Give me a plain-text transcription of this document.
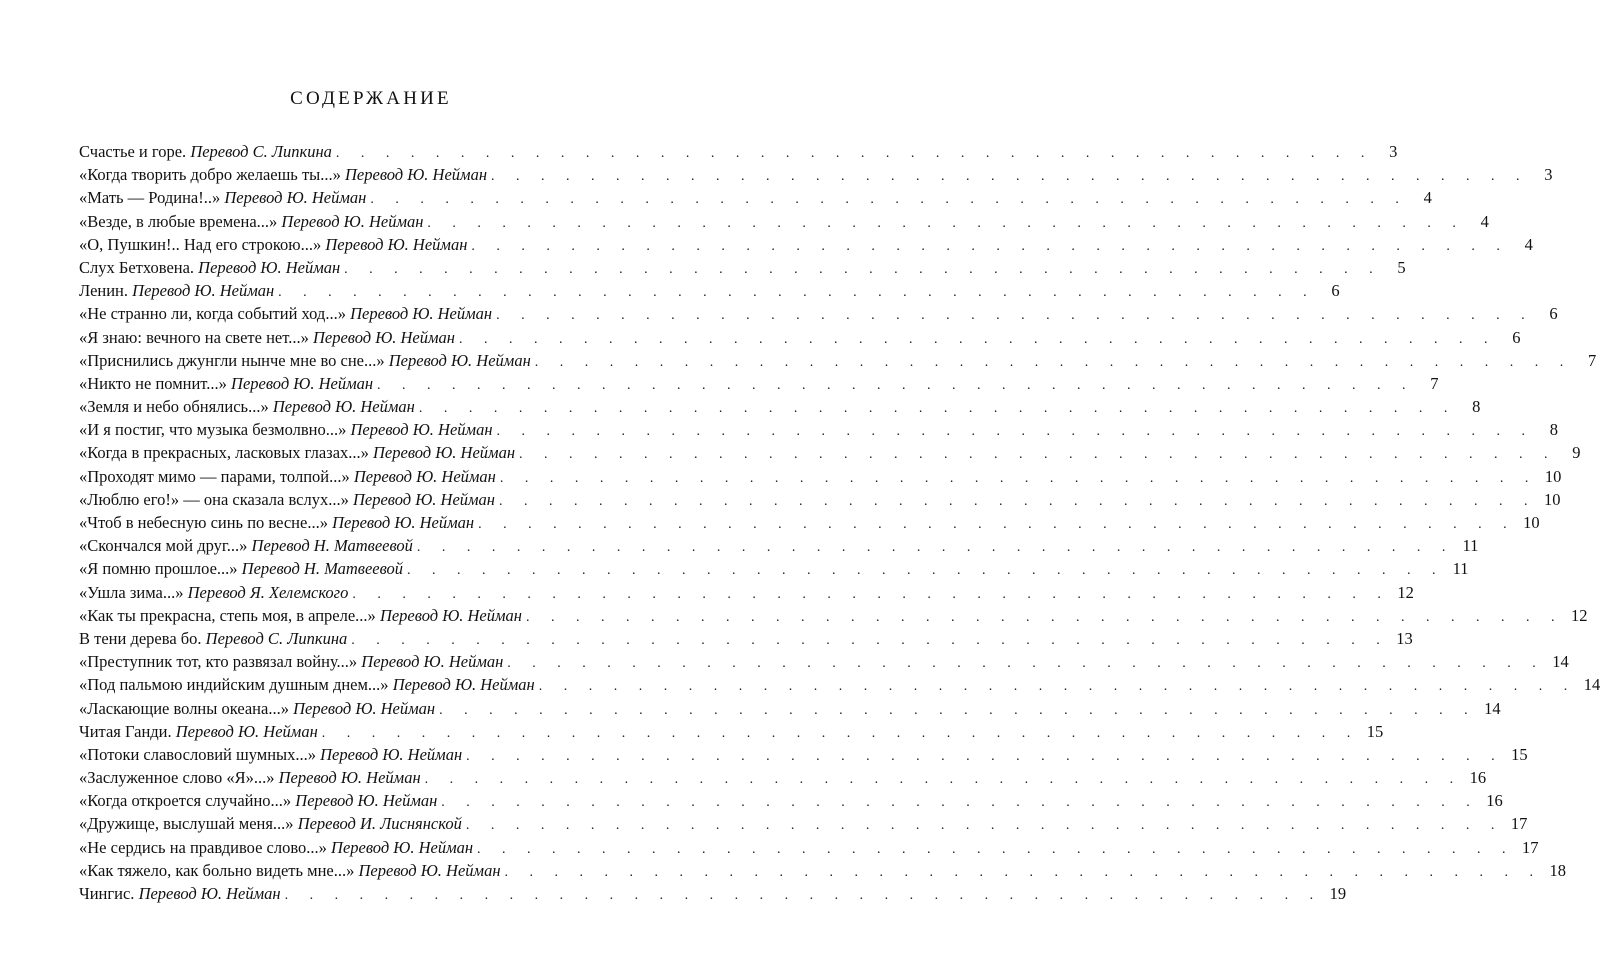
СОДЕРЖАНИЕ
Счастье и горе. Перевод С. Липкина . . . . . . . . . . . . . . . . . . . . . . . . . . . . . . . . . . . . . . . . . . 3
«Когда творить добро желаешь ты...» Перевод Ю. Нейман . . . . . . . . . . . . . . . . . . . . . . . . . . . . . . . . . . . . . . . . . . 3
«Мать — Родина!..» Перевод Ю. Нейман . . . . . . . . . . . . . . . . . . . . . . . . . . . . . . . . . . . . . . . . . . 4
«Везде, в любые времена...» Перевод Ю. Нейман . . . . . . . . . . . . . . . . . . . . . . . . . . . . . . . . . . . . . . . . . . 4
«О, Пушкин!.. Над его строкою...» Перевод Ю. Нейман . . . . . . . . . . . . . . . . . . . . . . . . . . . . . . . . . . . . . . . . . . 4
Слух Бетховена. Перевод Ю. Нейман . . . . . . . . . . . . . . . . . . . . . . . . . . . . . . . . . . . . . . . . . . 5
Ленин. Перевод Ю. Нейман . . . . . . . . . . . . . . . . . . . . . . . . . . . . . . . . . . . . . . . . . . 6
«Не странно ли, когда событий ход...» Перевод Ю. Нейман . . . . . . . . . . . . . . . . . . . . . . . . . . . . . . . . . . . . . . . . . . 6
«Я знаю: вечного на свете нет...» Перевод Ю. Нейман . . . . . . . . . . . . . . . . . . . . . . . . . . . . . . . . . . . . . . . . . . 6
«Приснились джунгли нынче мне во сне...» Перевод Ю. Нейман . . . . . . . . . . . . . . . . . . . . . . . . . . . . . . . . . . . . . . . . . . 7
«Никто не помнит...» Перевод Ю. Нейман . . . . . . . . . . . . . . . . . . . . . . . . . . . . . . . . . . . . . . . . . . 7
«Земля и небо обнялись...» Перевод Ю. Нейман . . . . . . . . . . . . . . . . . . . . . . . . . . . . . . . . . . . . . . . . . . 8
«И я постиг, что музыка безмолвно...» Перевод Ю. Нейман . . . . . . . . . . . . . . . . . . . . . . . . . . . . . . . . . . . . . . . . . . 8
«Когда в прекрасных, ласковых глазах...» Перевод Ю. Нейман . . . . . . . . . . . . . . . . . . . . . . . . . . . . . . . . . . . . . . . . . . 9
«Проходят мимо — парами, толпой...» Перевод Ю. Нейман . . . . . . . . . . . . . . . . . . . . . . . . . . . . . . . . . . . . . . . . . . 10
«Люблю его!» — она сказала вслух...» Перевод Ю. Нейман . . . . . . . . . . . . . . . . . . . . . . . . . . . . . . . . . . . . . . . . . . 10
«Чтоб в небесную синь по весне...» Перевод Ю. Нейман . . . . . . . . . . . . . . . . . . . . . . . . . . . . . . . . . . . . . . . . . . 10
«Скончался мой друг...» Перевод Н. Матвеевой . . . . . . . . . . . . . . . . . . . . . . . . . . . . . . . . . . . . . . . . . . 11
«Я помню прошлое...» Перевод Н. Матвеевой . . . . . . . . . . . . . . . . . . . . . . . . . . . . . . . . . . . . . . . . . . 11
«Ушла зима...» Перевод Я. Хелемского . . . . . . . . . . . . . . . . . . . . . . . . . . . . . . . . . . . . . . . . . . 12
«Как ты прекрасна, степь моя, в апреле...» Перевод Ю. Нейман . . . . . . . . . . . . . . . . . . . . . . . . . . . . . . . . . . . . . . . . . . 12
В тени дерева бо. Перевод С. Липкина . . . . . . . . . . . . . . . . . . . . . . . . . . . . . . . . . . . . . . . . . . 13
«Преступник тот, кто развязал войну...» Перевод Ю. Нейман . . . . . . . . . . . . . . . . . . . . . . . . . . . . . . . . . . . . . . . . . . 14
«Под пальмою индийским душным днем...» Перевод Ю. Нейман . . . . . . . . . . . . . . . . . . . . . . . . . . . . . . . . . . . . . . . . . . 14
«Ласкающие волны океана...» Перевод Ю. Нейман . . . . . . . . . . . . . . . . . . . . . . . . . . . . . . . . . . . . . . . . . . 14
Читая Ганди. Перевод Ю. Нейман . . . . . . . . . . . . . . . . . . . . . . . . . . . . . . . . . . . . . . . . . . 15
«Потоки славословий шумных...» Перевод Ю. Нейман . . . . . . . . . . . . . . . . . . . . . . . . . . . . . . . . . . . . . . . . . . 15
«Заслуженное слово «Я»...» Перевод Ю. Нейман . . . . . . . . . . . . . . . . . . . . . . . . . . . . . . . . . . . . . . . . . . 16
«Когда откроется случайно...» Перевод Ю. Нейман . . . . . . . . . . . . . . . . . . . . . . . . . . . . . . . . . . . . . . . . . . 16
«Дружище, выслушай меня...» Перевод И. Лиснянской . . . . . . . . . . . . . . . . . . . . . . . . . . . . . . . . . . . . . . . . . . 17
«Не сердись на правдивое слово...» Перевод Ю. Нейман . . . . . . . . . . . . . . . . . . . . . . . . . . . . . . . . . . . . . . . . . . 17
«Как тяжело, как больно видеть мне...» Перевод Ю. Нейман . . . . . . . . . . . . . . . . . . . . . . . . . . . . . . . . . . . . . . . . . . 18
Чингис. Перевод Ю. Нейман . . . . . . . . . . . . . . . . . . . . . . . . . . . . . . . . . . . . . . . . . . 19
